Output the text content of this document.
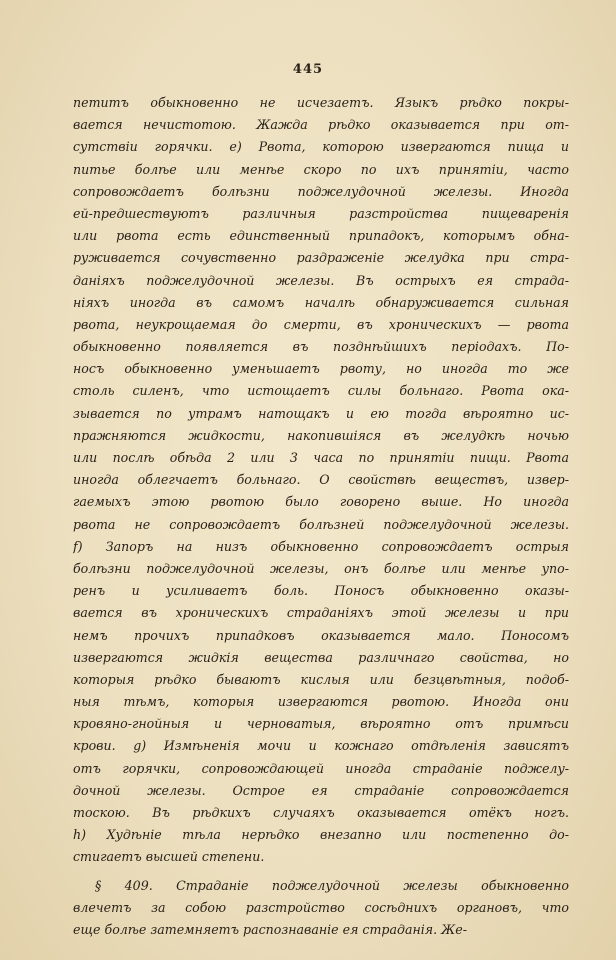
445
петитъ обыкновенно не исчезаетъ. Языкъ рѣдко покры-
вается нечистотою. Жажда рѣдко оказывается при от-
сутствіи горячки. е) Рвота, которою извергаются пища и
питье болѣе или менѣе скоро по ихъ принятіи, часто
сопровождаетъ болѣзни поджелудочной железы. Иногда
ей-предшествуютъ различныя разстройства пищеваренія
или рвота есть единственный припадокъ, которымъ обна-
руживается сочувственно раздраженіе желудка при стра-
даніяхъ поджелудочной железы. Въ острыхъ ея страда-
ніяхъ иногда въ самомъ началѣ обнаруживается сильная
рвота, неукрощаемая до смерти, въ хроническихъ — рвота
обыкновенно появляется въ позднѣйшихъ періодахъ. По-
носъ обыкновенно уменьшаетъ рвоту, но иногда то же
столь силенъ, что истощаетъ силы больнаго. Рвота ока-
зывается по утрамъ натощакъ и ею тогда вѣроятно ис-
пражняются жидкости, накопившіяся въ желудкѣ ночью
или послѣ обѣда 2 или 3 часа по принятіи пищи. Рвота
иногда облегчаетъ больнаго. О свойствѣ веществъ, извер-
гаемыхъ этою рвотою было говорено выше. Но иногда
рвота не сопровождаетъ болѣзней поджелудочной железы.
f) Запоръ на низъ обыкновенно сопровождаетъ острыя
болѣзни поджелудочной железы, онъ болѣе или менѣе упо-
ренъ и усиливаетъ боль. Поносъ обыкновенно оказы-
вается въ хроническихъ страданіяхъ этой железы и при
немъ прочихъ припадковъ оказывается мало. Поносомъ
извергаются жидкія вещества различнаго свойства, но
которыя рѣдко бываютъ кислыя или безцвѣтныя, подоб-
ныя тѣмъ, которыя извергаются рвотою. Иногда они
кровяно-гнойныя и черноватыя, вѣроятно отъ примѣси
крови. g) Измѣненія мочи и кожнаго отдѣленія зависятъ
отъ горячки, сопровождающей иногда страданіе поджелу-
дочной железы. Острое ея страданіе сопровождается
тоскою. Въ рѣдкихъ случаяхъ оказывается отёкъ ногъ.
h) Худѣніе тѣла нерѣдко внезапно или постепенно до-
стигаетъ высшей степени.
§ 409. Страданіе поджелудочной железы обыкновенно
влечетъ за собою разстройство сосѣднихъ органовъ, что
еще болѣе затемняетъ распознаваніе ея страданія. Же-
